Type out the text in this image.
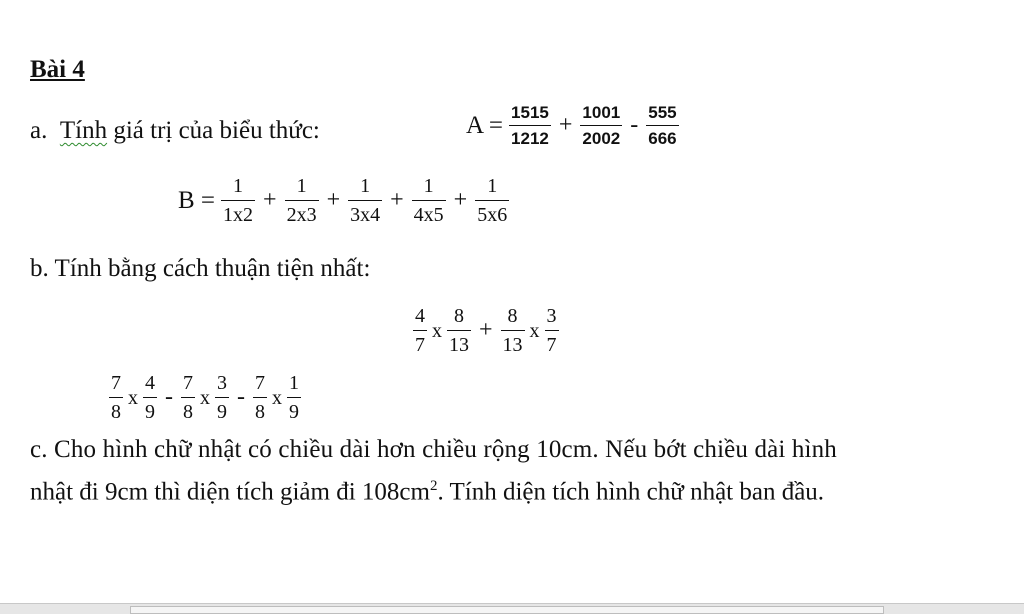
Bài 4
a. Tính giá trị của biểu thức:	$A = \frac{1515}{1212} + \frac{1001}{2002} - \frac{555}{666}$
$B = \frac{1}{1x2} + \frac{1}{2x3} + \frac{1}{3x4} + \frac{1}{4x5} + \frac{1}{5x6}$
b. Tính bằng cách thuận tiện nhất:
$\frac{4}{7}$ x $\frac{8}{13} + \frac{8}{13}$ x $\frac{3}{7}$
$\frac{7}{8}$ x $\frac{4}{9} - \frac{7}{8}$ x $\frac{3}{9} - \frac{7}{8}$ x $\frac{1}{9}$
c. Cho hình chữ nhật có chiều dài hơn chiều rộng 10cm. Nếu bớt chiều dài hình
nhật đi 9cm thì diện tích giảm đi $108cm^2$. Tính diện tích hình chữ nhật ban đầu.
